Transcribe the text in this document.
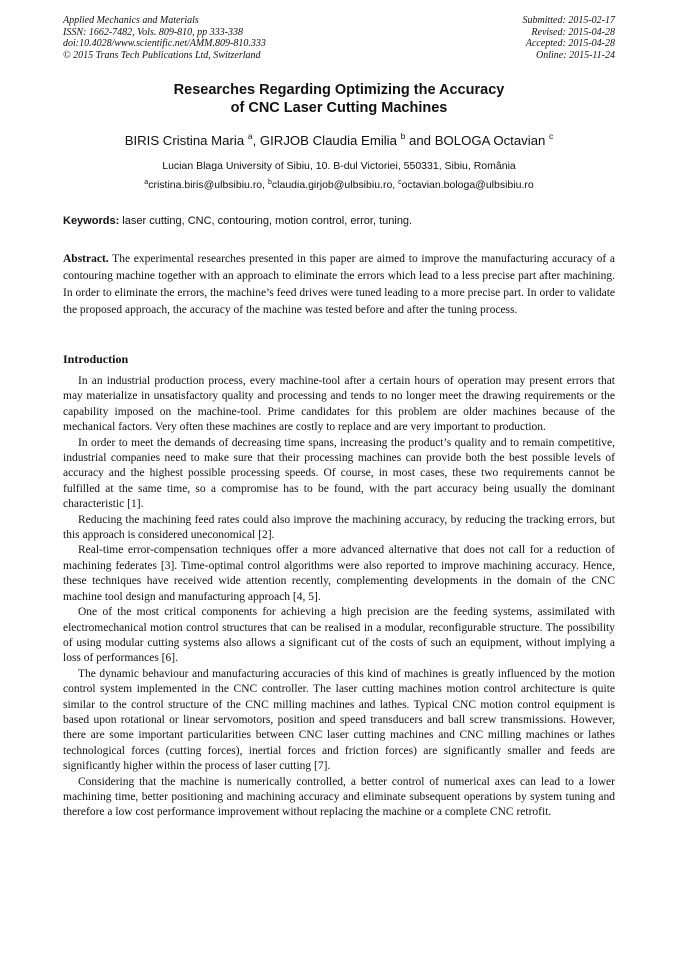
Applied Mechanics and Materials
ISSN: 1662-7482, Vols. 809-810, pp 333-338
doi:10.4028/www.scientific.net/AMM.809-810.333
© 2015 Trans Tech Publications Ltd, Switzerland
Submitted: 2015-02-17
Revised: 2015-04-28
Accepted: 2015-04-28
Online: 2015-11-24
Researches Regarding Optimizing the Accuracy
of CNC Laser Cutting Machines
BIRIS Cristina Maria $^a$, GIRJOB Claudia Emilia $^b$ and BOLOGA Octavian $^c$
Lucian Blaga University of Sibiu, 10. B-dul Victoriei, 550331, Sibiu, România
$^a$cristina.biris@ulbsibiu.ro, $^b$claudia.girjob@ulbsibiu.ro, $^c$octavian.bologa@ulbsibiu.ro
Keywords: laser cutting, CNC, contouring, motion control, error, tuning.
Abstract. The experimental researches presented in this paper are aimed to improve the manufacturing accuracy of a contouring machine together with an approach to eliminate the errors which lead to a less precise part after machining. In order to eliminate the errors, the machine’s feed drives were tuned leading to a more precise part. In order to validate the proposed approach, the accuracy of the machine was tested before and after the tuning process.
Introduction

In an industrial production process, every machine-tool after a certain hours of operation may present errors that may materialize in unsatisfactory quality and processing and tends to no longer meet the drawing requirements or the capability imposed on the machine-tool. Prime candidates for this problem are older machines because of the mechanical factors. Very often these machines are costly to replace and are very important to production.

In order to meet the demands of decreasing time spans, increasing the product’s quality and to remain competitive, industrial companies need to make sure that their processing machines can provide both the best possible levels of accuracy and the highest possible processing speeds. Of course, in most cases, these two requirements cannot be fulfilled at the same time, so a compromise has to be found, with the part accuracy being usually the dominant characteristic [1].

Reducing the machining feed rates could also improve the machining accuracy, by reducing the tracking errors, but this approach is considered uneconomical [2].

Real-time error-compensation techniques offer a more advanced alternative that does not call for a reduction of machining federates [3]. Time-optimal control algorithms were also reported to improve machining accuracy. Hence, these techniques have received wide attention recently, complementing developments in the domain of the CNC machine tool design and manufacturing approach [4, 5].

One of the most critical components for achieving a high precision are the feeding systems, assimilated with electromechanical motion control structures that can be realised in a modular, reconfigurable structure. The possibility of using modular cutting systems also allows a significant cut of the costs of such an equipment, without implying a loss of performances [6].

The dynamic behaviour and manufacturing accuracies of this kind of machines is greatly influenced by the motion control system implemented in the CNC controller. The laser cutting machines motion control architecture is quite similar to the control structure of the CNC milling machines and lathes. Typical CNC motion control equipment is based upon rotational or linear servomotors, position and speed transducers and ball screw transmissions. However, there are some important particularities between CNC laser cutting machines and CNC milling machines or lathes technological forces (cutting forces), inertial forces and friction forces) are significantly smaller and feeds are significantly higher within the process of laser cutting [7].

Considering that the machine is numerically controlled, a better control of numerical axes can lead to a lower machining time, better positioning and machining accuracy and eliminate subsequent operations by system tuning and therefore a low cost performance improvement without replacing the machine or a complete CNC retrofit.
